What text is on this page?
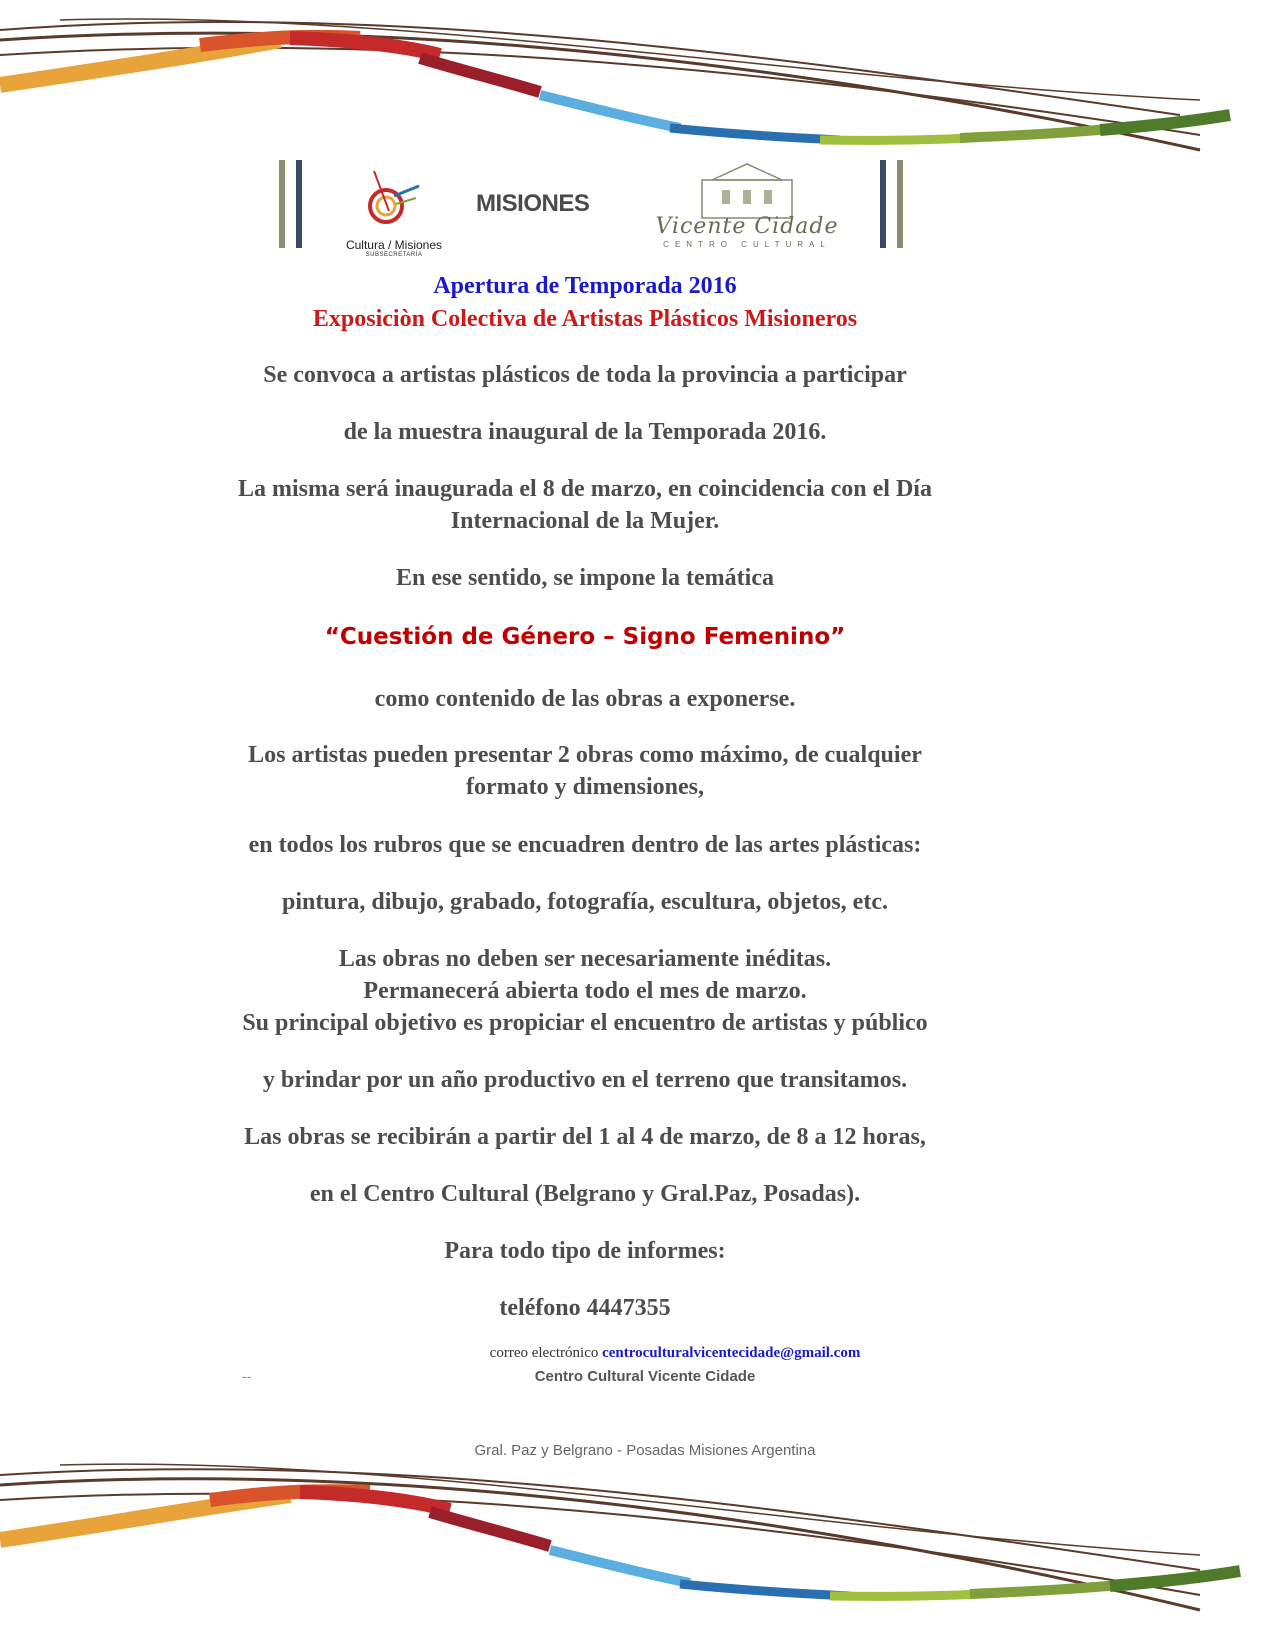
Cultura / Misiones
SUBSECRETARÍA
MISIONES
Vicente Cidade
CENTRO CULTURAL
Apertura de Temporada 2016
Exposiciòn Colectiva de Artistas Plásticos Misioneros
Se convoca a artistas plásticos de toda la provincia a participar
de la muestra inaugural de la Temporada 2016.
La misma será inaugurada el 8 de marzo, en coincidencia con el Día
Internacional de la Mujer.
En ese sentido, se impone la temática
“Cuestión de Género – Signo Femenino”
como contenido de las obras a exponerse.
Los artistas pueden presentar 2 obras como máximo, de cualquier
formato y dimensiones,
en todos los rubros que se encuadren dentro de las artes plásticas:
pintura, dibujo, grabado, fotografía, escultura, objetos, etc.
Las obras no deben ser necesariamente inéditas.
Permanecerá abierta todo el mes de marzo.
Su principal objetivo es propiciar el encuentro de artistas y público
y brindar por un año productivo en el terreno que transitamos.
Las obras se recibirán a partir del 1 al 4 de marzo, de 8 a 12 horas,
en el Centro Cultural (Belgrano y Gral.Paz, Posadas).
Para todo tipo de informes:
teléfono 4447355
correo electrónico centroculturalvicentecidade@gmail.com
Centro Cultural Vicente Cidade
Gral. Paz y Belgrano - Posadas Misiones Argentina
--
